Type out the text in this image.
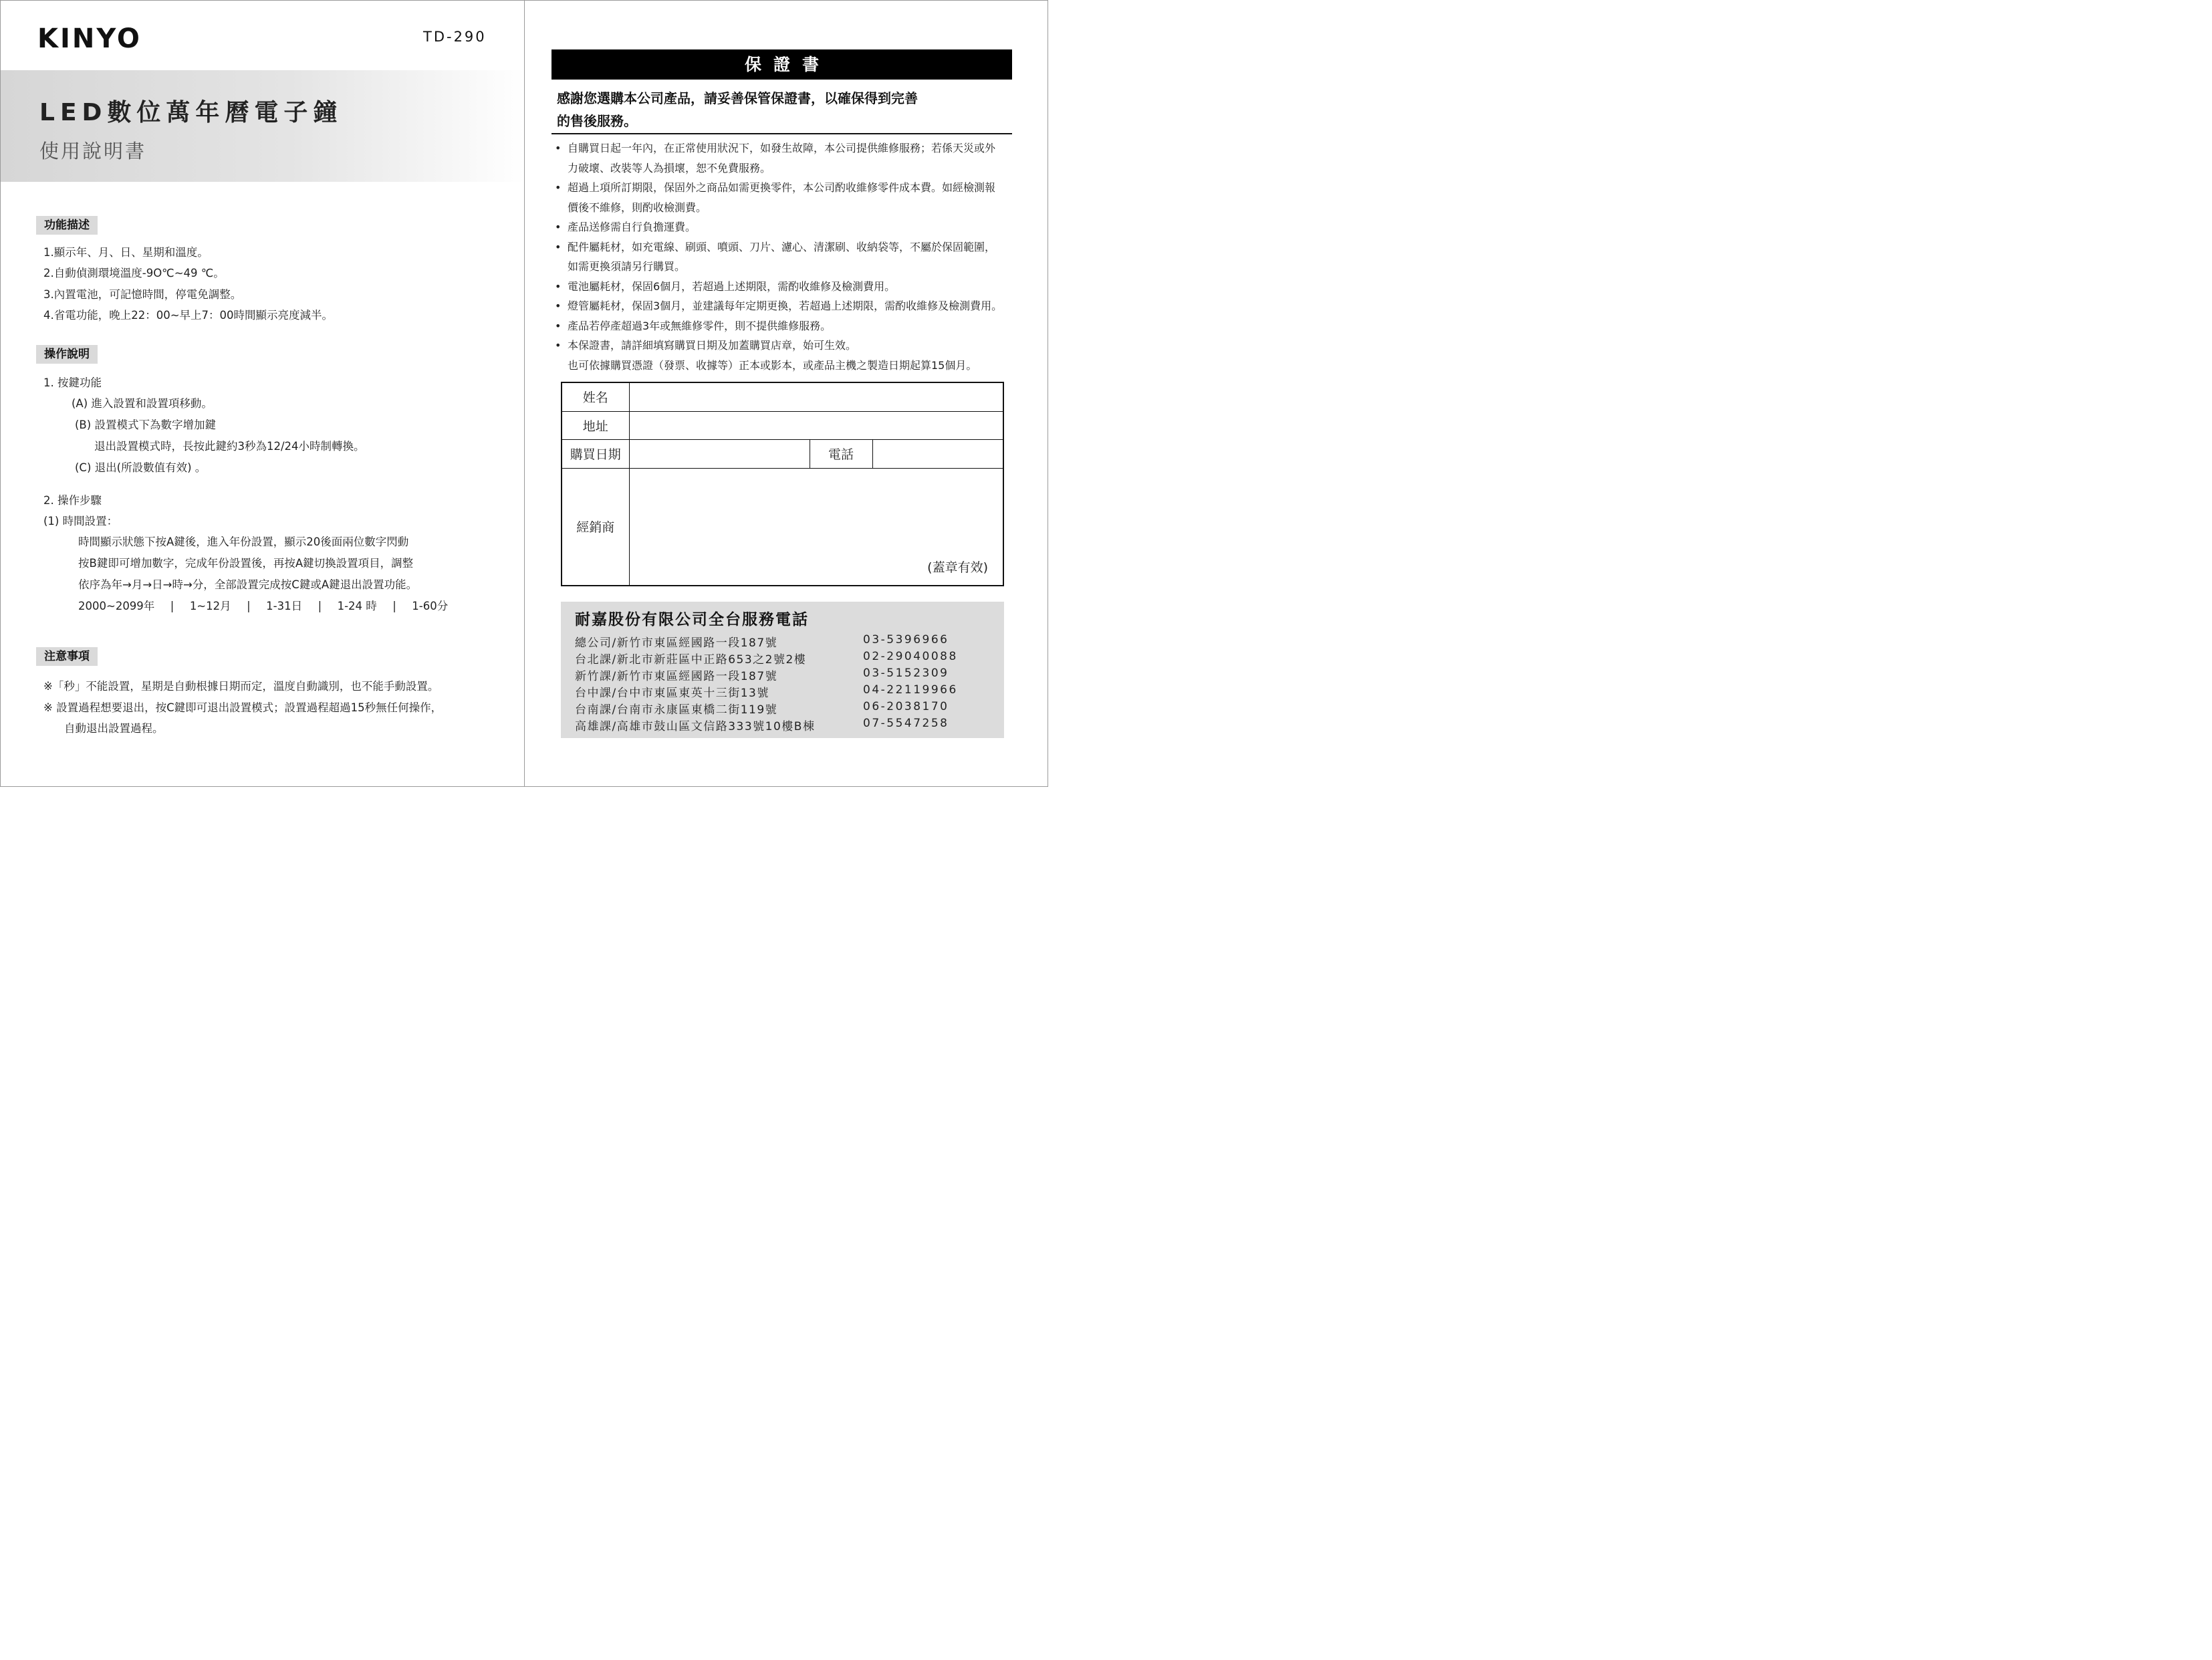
KINYO	TD-290
LED數位萬年曆電子鐘
使用說明書
功能描述
1.顯示年、月、日、星期和溫度。
2.自動偵測環境溫度-9O℃~49 ℃。
3.內置電池，可記憶時間，停電免調整。
4.省電功能，晚上22：00~早上7：00時間顯示亮度減半。
操作說明
1. 按鍵功能
(A) 進入設置和設置項移動。
(B) 設置模式下為數字增加鍵
退出設置模式時，長按此鍵約3秒為12/24小時制轉換。
(C) 退出(所設數值有效) 。
2. 操作步驟
(1) 時間設置：
時間顯示狀態下按A鍵後，進入年份設置，顯示20後面兩位數字閃動
按B鍵即可增加數字，完成年份設置後，再按A鍵切換設置項目，調整
依序為年→月→日→時→分，全部設置完成按C鍵或A鍵退出設置功能。
2000~2099年 | 1~12月 | 1-31日 | 1-24 時 | 1-60分
注意事項
※「秒」不能設置，星期是自動根據日期而定，溫度自動識別，也不能手動設置。
※ 設置過程想要退出，按C鍵即可退出設置模式；設置過程超過15秒無任何操作，
自動退出設置過程。
保證書
感謝您選購本公司產品，請妥善保管保證書，以確保得到完善
的售後服務。
• 自購買日起一年內，在正常使用狀況下，如發生故障，本公司提供維修服務；若係天災或外
力破壞、改裝等人為損壞，恕不免費服務。
• 超過上項所訂期限，保固外之商品如需更換零件，本公司酌收維修零件成本費。如經檢測報
價後不維修，則酌收檢測費。
• 產品送修需自行負擔運費。
• 配件屬耗材，如充電線、刷頭、噴頭、刀片、濾心、清潔刷、收納袋等，不屬於保固範圍，
如需更換須請另行購買。
• 電池屬耗材，保固6個月，若超過上述期限，需酌收維修及檢測費用。
• 燈管屬耗材，保固3個月，並建議每年定期更換，若超過上述期限，需酌收維修及檢測費用。
• 產品若停產超過3年或無維修零件，則不提供維修服務。
• 本保證書，請詳細填寫購買日期及加蓋購買店章，始可生效。
也可依據購買憑證（發票、收據等）正本或影本，或產品主機之製造日期起算15個月。
姓名			
地址			
購買日期		電話	
經銷商	(蓋章有效)		
耐嘉股份有限公司全台服務電話
總公司/新竹市東區經國路一段187號	03-5396966
台北課/新北市新莊區中正路653之2號2樓	02-29040088
新竹課/新竹市東區經國路一段187號	03-5152309
台中課/台中市東區東英十三街13號	04-22119966
台南課/台南市永康區東橋二街119號	06-2038170
高雄課/高雄市鼓山區文信路333號10樓B棟	07-5547258
